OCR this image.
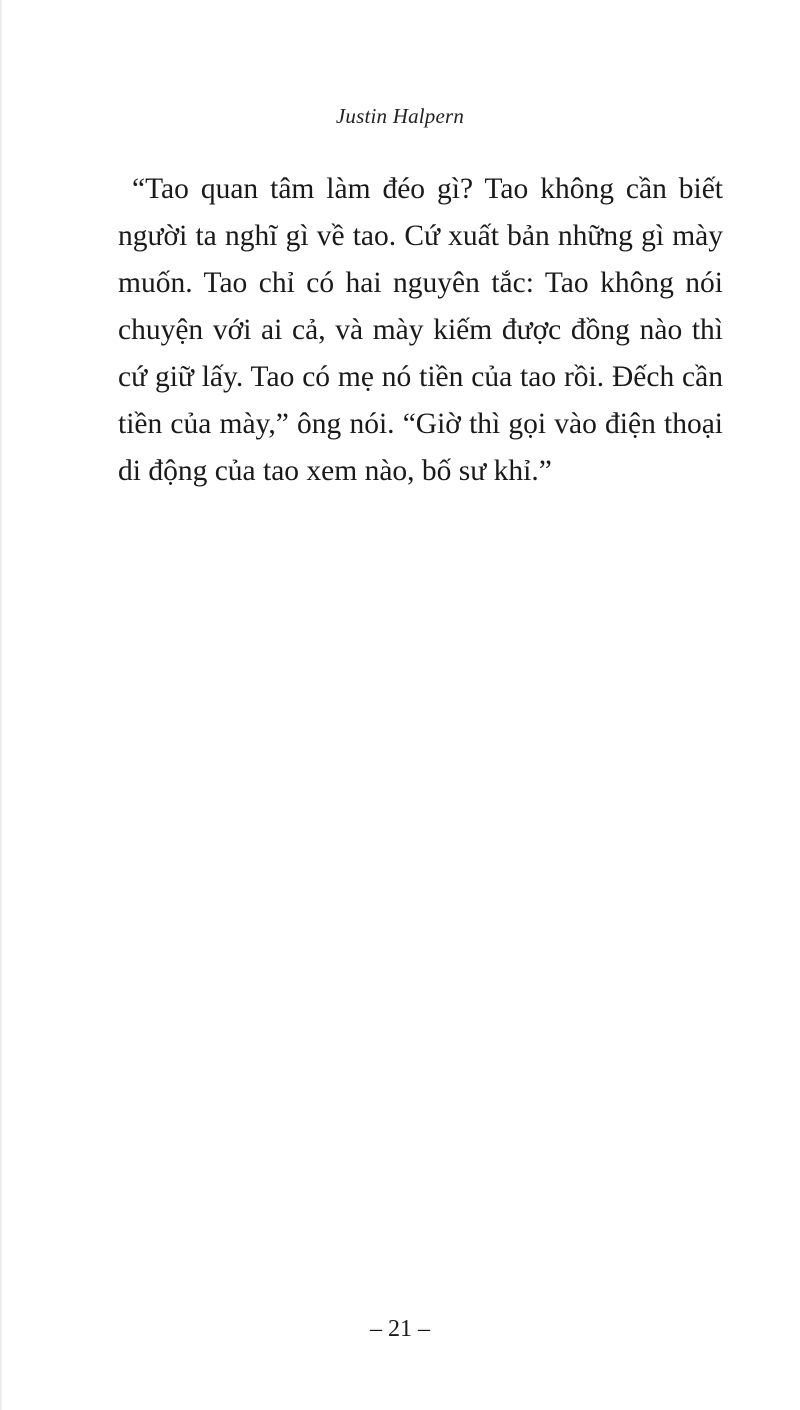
Justin Halpern
“Tao quan tâm làm đéo gì? Tao không cần biết
người ta nghĩ gì về tao. Cứ xuất bản những gì mày
muốn. Tao chỉ có hai nguyên tắc: Tao không nói
chuyện với ai cả, và mày kiếm được đồng nào thì
cứ giữ lấy. Tao có mẹ nó tiền của tao rồi. Đếch cần
tiền của mày,” ông nói. “Giờ thì gọi vào điện thoại
di động của tao xem nào, bố sư khỉ.”
– 21 –
